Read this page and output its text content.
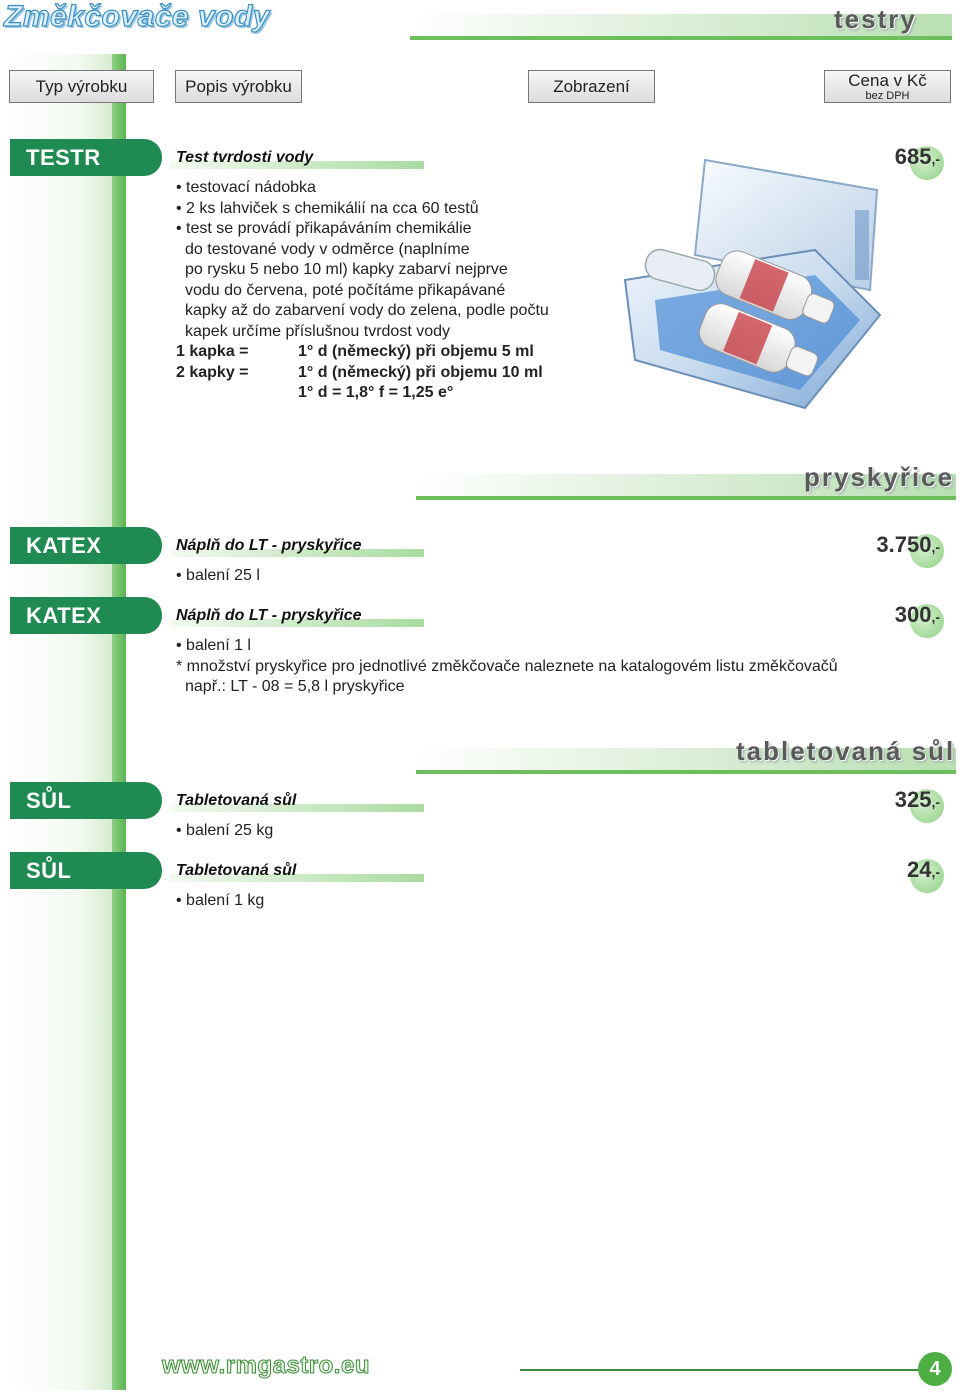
Změkčovače vody	testry
Typ výrobku	Popis výrobku	Zobrazení	Cena v Kč
bez DPH
TESTR	Test tvrdosti vody
• testovací nádobka
• 2 ks lahviček s chemikálií na cca 60 testů
• test se provádí přikapáváním chemikálie
do testované vody v odměrce (naplníme
po rysku 5 nebo 10 ml) kapky zabarví nejprve
vodu do červena, poté počítáme přikapávané
kapky až do zabarvení vody do zelena, podle počtu
kapek určíme příslušnou tvrdost vody
1 kapka =	1° d (německý) při objemu 5 ml
2 kapky =	1° d (německý) při objemu 10 ml
1° d = 1,8° f = 1,25 e°
685,-
pryskyřice
KATEX	Náplň do LT - pryskyřice
• balení 25 l
3.750,-
KATEX	Náplň do LT - pryskyřice
• balení 1 l
* množství pryskyřice pro jednotlivé změkčovače naleznete na katalogovém listu změkčovačů
např.: LT - 08 = 5,8 l pryskyřice
300,-
tabletovaná sůl
SŮL	Tabletovaná sůl
• balení 25 kg
325,-
SŮL	Tabletovaná sůl
• balení 1 kg
24,-
www.rmgastro.eu	4
